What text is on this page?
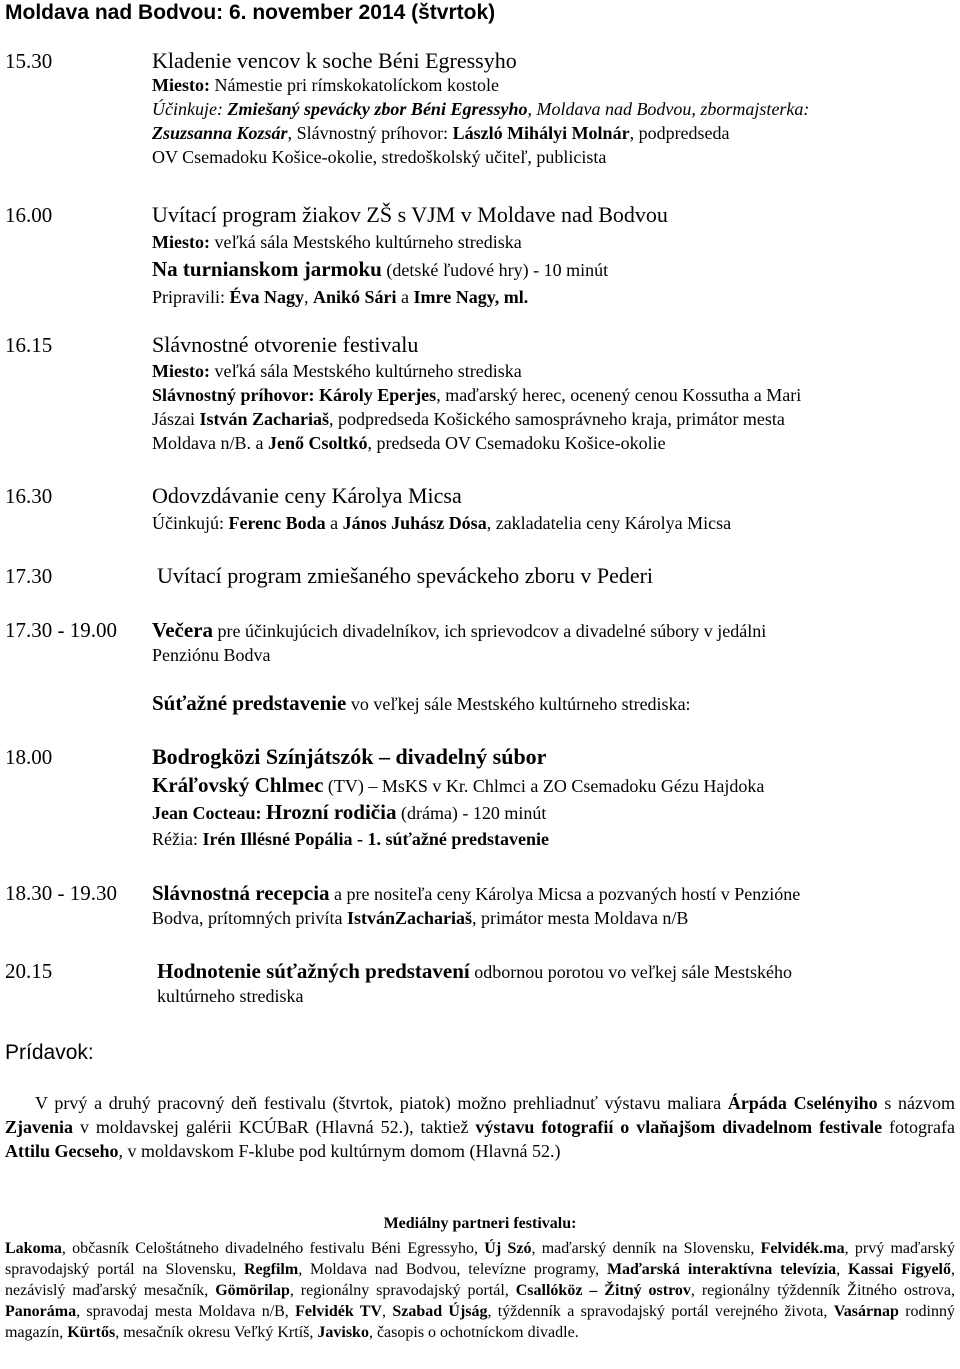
Moldava nad Bodvou: 6. november 2014 (štvrtok)
15.30	Kladenie vencov k soche Béni Egressyho
Miesto: Námestie pri rímskokatolíckom kostole
Účinkuje: Zmiešaný spevácky zbor Béni Egressyho, Moldava nad Bodvou, zbormajsterka:
Zsuzsanna Kozsár, Slávnostný príhovor: László Mihályi Molnár, podpredseda
OV Csemadoku Košice-okolie, stredoškolský učiteľ, publicista
16.00	Uvítací program žiakov ZŠ s VJM v Moldave nad Bodvou
Miesto: veľká sála Mestského kultúrneho strediska
Na turnianskom jarmoku (detské ľudové hry) - 10 minút
Pripravili: Éva Nagy, Anikó Sári a Imre Nagy, ml.
16.15	Slávnostné otvorenie festivalu
Miesto: veľká sála Mestského kultúrneho strediska
Slávnostný príhovor: Károly Eperjes, maďarský herec, ocenený cenou Kossutha a Mari
Jászai István Zachariaš, podpredseda Košického samosprávneho kraja, primátor mesta
Moldava n/B. a Jenő Csoltkó, predseda OV Csemadoku Košice-okolie
16.30	Odovzdávanie ceny Károlya Micsa
Účinkujú: Ferenc Boda a János Juhász Dósa, zakladatelia ceny Károlya Micsa
17.30	Uvítací program zmiešaného speváckeho zboru v Pederi
17.30 - 19.00 Večera pre účinkujúcich divadelníkov, ich sprievodcov a divadelné súbory v jedálni
Penziónu Bodva
Súťažné predstavenie vo veľkej sále Mestského kultúrneho strediska:
18.00	Bodrogközi Színjátszók – divadelný súbor
Kráľovský Chlmec (TV) – MsKS v Kr. Chlmci a ZO Csemadoku Gézu Hajdoka
Jean Cocteau: Hrozní rodičia (dráma) - 120 minút
Réžia: Irén Illésné Popália - 1. súťažné predstavenie
18.30 - 19.30 Slávnostná recepcia a pre nositeľa ceny Károlya Micsa a pozvaných hostí v Penzióne
Bodva, prítomných privíta IstvánZachariaš, primátor mesta Moldava n/B
20.15	Hodnotenie súťažných predstavení odbornou porotou vo veľkej sále Mestského
kultúrneho strediska
Prídavok:
V prvý a druhý pracovný deň festivalu (štvrtok, piatok) možno prehliadnuť výstavu maliara Árpáda Cselényiho s názvom Zjavenia v moldavskej galérii KCÚBaR (Hlavná 52.), taktiež výstavu fotografií o vlaňajšom divadelnom festivale fotografa Attilu Gecseho, v moldavskom F-klube pod kultúrnym domom (Hlavná 52.)
Mediálny partneri festivalu:
Lakoma, občasník Celoštátneho divadelného festivalu Béni Egressyho, Új Szó, maďarský denník na Slovensku, Felvidék.ma, prvý maďarský spravodajský portál na Slovensku, Regfilm, Moldava nad Bodvou, televízne programy, Maďarská interaktívna televízia, Kassai Figyelő, nezávislý maďarský mesačník, Gömörilap, regionálny spravodajský portál, Csallóköz – Žitný ostrov, regionálny týždenník Žitného ostrova, Panoráma, spravodaj mesta Moldava n/B, Felvidék TV, Szabad Újság, týždenník a spravodajský portál verejného života, Vasárnap rodinný magazín, Kürtős, mesačník okresu Veľký Krtíš, Javisko, časopis o ochotníckom divadle.
